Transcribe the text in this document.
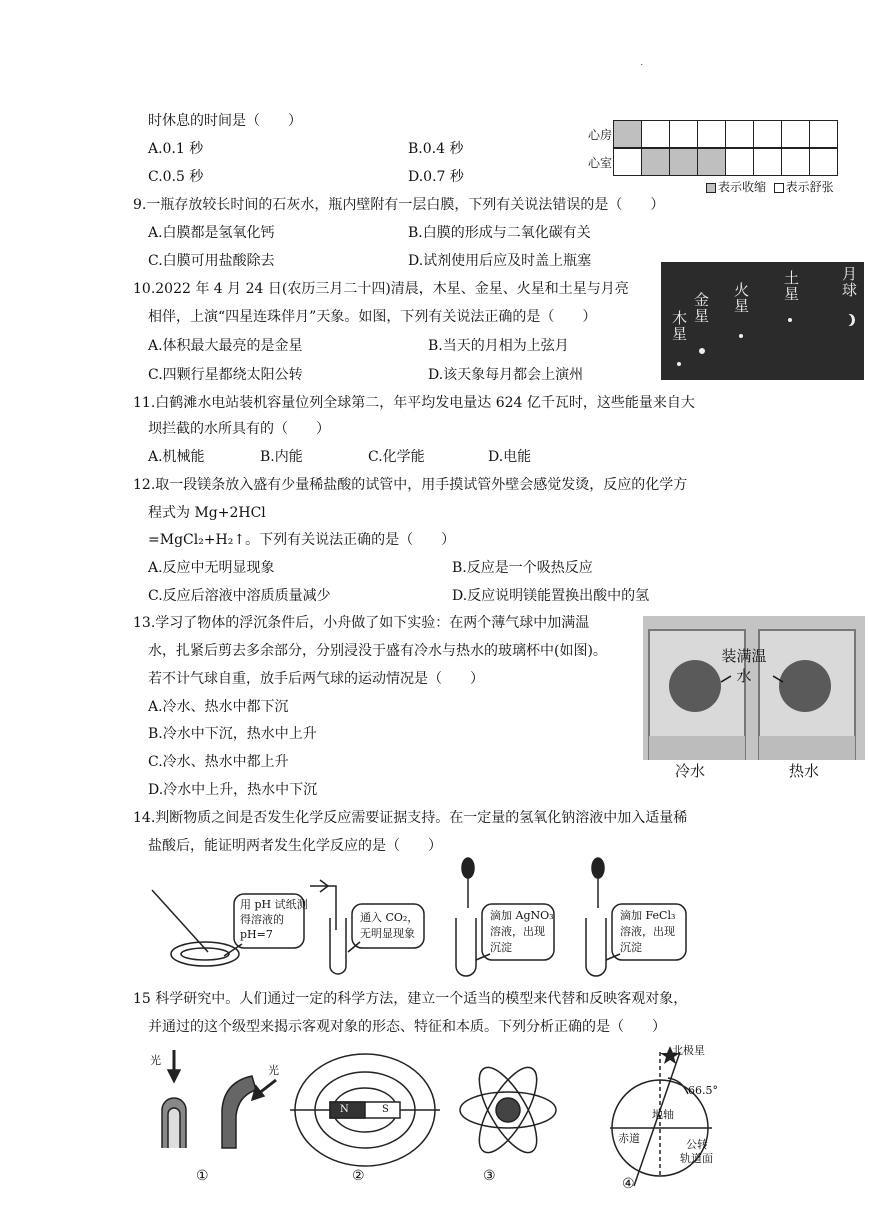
.
时休息的时间是（　　）
A.0.1 秒	B.0.4 秒
C.0.5 秒	D.0.7 秒
心房
心室
表示收缩 表示舒张
9.一瓶存放较长时间的石灰水，瓶内壁附有一层白膜，下列有关说法错误的是（　　）
A.白膜都是氢氧化钙	B.白膜的形成与二氧化碳有关
C.白膜可用盐酸除去	D.试剂使用后应及时盖上瓶塞
10.2022 年 4 月 24 日(农历三月二十四)清晨，木星、金星、火星和土星与月亮
相伴，上演“四星连珠伴月”天象。如图，下列有关说法正确的是（　　）
A.体积最大最亮的是金星	B.当天的月相为上弦月
C.四颗行星都绕太阳公转	D.该天象每月都会上演州
木星
金星 火星 土星	月球
11.白鹤滩水电站装机容量位列全球第二，年平均发电量达 624 亿千瓦时，这些能量来自大
坝拦截的水所具有的（　　）
A.机械能	B.内能	C.化学能	D.电能
12.取一段镁条放入盛有少量稀盐酸的试管中，用手摸试管外壁会感觉发烫，反应的化学方
程式为 Mg+2HCl
=MgCl₂+H₂↑。下列有关说法正确的是（　　）
A.反应中无明显现象	B.反应是一个吸热反应
C.反应后溶液中溶质质量减少	D.反应说明镁能置换出酸中的氢
13.学习了物体的浮沉条件后，小舟做了如下实验：在两个薄气球中加满温
水，扎紧后剪去多余部分，分别浸没于盛有冷水与热水的玻璃杯中(如图)。
若不计气球自重，放手后两气球的运动情况是（　　）
A.冷水、热水中都下沉
B.冷水中下沉，热水中上升
C.冷水、热水中都上升
D.冷水中上升，热水中下沉
装满温水
冷水	热水
14.判断物质之间是否发生化学反应需要证据支持。在一定量的氢氧化钠溶液中加入适量稀
盐酸后，能证明两者发生化学反应的是（　　）
用 pH 试纸测
得溶液的
pH=7
通入 CO₂，
无明显现象
滴加 AgNO₃
溶液，出现
沉淀
滴加 FeCl₃
溶液，出现
沉淀
15 科学研究中。人们通过一定的科学方法，建立一个适当的模型来代替和反映客观对象，
并通过的这个级型来揭示客观对象的形态、特征和本质。下列分析正确的是（　　）
光
光
N	S
北极星
66.5°
赤道
地轴
公转
轨道面
①	②	③	④
